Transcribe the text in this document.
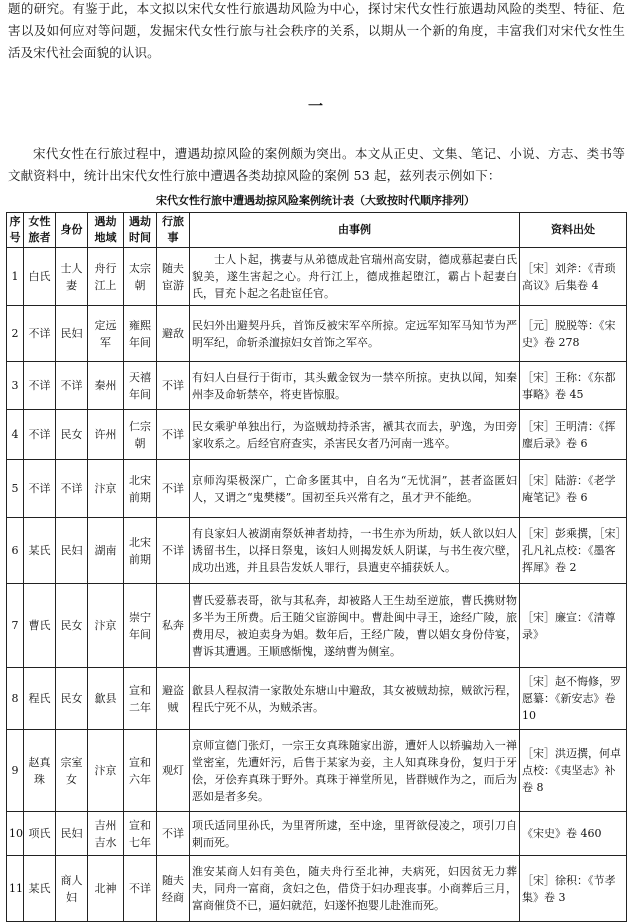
题的研究。有鉴于此，本文拟以宋代女性行旅遇劫风险为中心，探讨宋代女性行旅遇劫风险的类型、特征、危害以及如何应对等问题，发掘宋代女性行旅与社会秩序的关系，以期从一个新的角度，丰富我们对宋代女性生活及宋代社会面貌的认识。

一

宋代女性在行旅过程中，遭遇劫掠风险的案例颇为突出。本文从正史、文集、笔记、小说、方志、类书等文献资料中，统计出宋代女性行旅中遭遇各类劫掠风险的案例 53 起，兹列表示例如下：

宋代女性行旅中遭遇劫掠风险案例统计表（大致按时代顺序排列）
序号	女性旅者	身份	遇劫地域	遇劫时间	行旅事	由事例	资料出处
1	白氏	士人妻	舟行江上	太宗朝	随夫宦游	士人卜起，携妻与从弟德成赴官瑞州高安尉，德成慕起妻白氏貌美，遂生害起之心。舟行江上，德成推起堕江，霸占卜起妻白氏，冒充卜起之名赴宦任官。	［宋］刘斧：《青琐高议》后集卷 4
2	不详	民妇	定远军	雍熙年间	避敌	民妇外出避契丹兵，首饰反被宋军卒所掠。定远军知军马知节为严明军纪，命斩杀澶掠妇女首饰之军卒。	［元］脱脱等：《宋史》卷 278
3	不详	不详	秦州	天禧年间	不详	有妇人白昼行于街市，其头戴金钗为一禁卒所掠。吏执以闻，知秦州李及命斩禁卒，将吏皆惊服。	［宋］王称：《东都事略》卷 45
4	不详	民女	许州	仁宗朝	不详	民女乘驴单独出行，为盗贼劫持杀害，褫其衣而去，驴逸，为田旁家收系之。后经官府查实，杀害民女者乃河南一逃卒。	［宋］王明清：《挥麈后录》卷 6
5	不详	不详	汴京	北宋前期	不详	京师沟渠极深广，亡命多匿其中，自名为“无忧洞”，甚者盗匿妇人，又谓之“鬼樊楼”。国初至兵兴常有之，虽才尹不能绝。	［宋］陆游：《老学庵笔记》卷 6
6	某氏	民妇	湖南	北宋前期	不详	有良家妇人被湖南祭妖神者劫持，一书生亦为所劫，妖人欲以妇人诱留书生，以择日祭鬼，该妇人则揭发妖人阴谋，与书生夜穴壁，成功出逃，并且县告发妖人罪行，县遣吏卒捕获妖人。	［宋］彭乘撰，［宋］孔凡礼点校：《墨客挥犀》卷 2
7	曹氏	民女	汴京	崇宁年间	私奔	曹氏爱慕表哥，欲与其私奔，却被路人王生劫至逆旅，曹氏携财物多半为王所费。后王随父宦游闽中。曹赴闽中寻王，途经广陵，旅费用尽，被迫卖身为娼。数年后，王经广陵，曹以娼女身份侍宴，曹诉其遭遇。王顺感惭愧，遂纳曹为侧室。	［宋］廉宣：《清尊录》
8	程氏	民女	歙县	宣和二年	避盗贼	歙县人程叔清一家散处东塘山中避敌，其女被贼劫掠，贼欲污程，程氏宁死不从，为贼杀害。	［宋］赵不悔修，罗愿纂：《新安志》卷 10
9	赵真珠	宗室女	汴京	宣和六年	观灯	京师宣德门张灯，一宗王女真珠随家出游，遭奸人以轿骗劫入一禅堂密室，先遭奸污，后售于某家为妾，主人知真珠身份，复归于牙侩，牙侩弃真珠于野外。真珠于禅堂所见，皆群贼作为之，而后为恶如是者多矣。	［宋］洪迈撰，何卓点校：《夷坚志》补卷 8
10	项氏	民妇	吉州吉水	宣和七年	不详	项氏适同里孙氏，为里胥所逮，至中途，里胥欲侵凌之，项引刀自刺而死。	《宋史》卷 460
11	某氏	商人妇	北神	不详	随夫经商	淮安某商人妇有美色，随夫舟行至北神，夫病死，妇因贫无力葬夫，同舟一富商，贪妇之色，借贷于妇办理丧事。小商葬后三月，富商催贷不已，逼妇就范，妇遂怀抱婴儿赴淮而死。	［宋］徐积：《节孝集》卷 3
